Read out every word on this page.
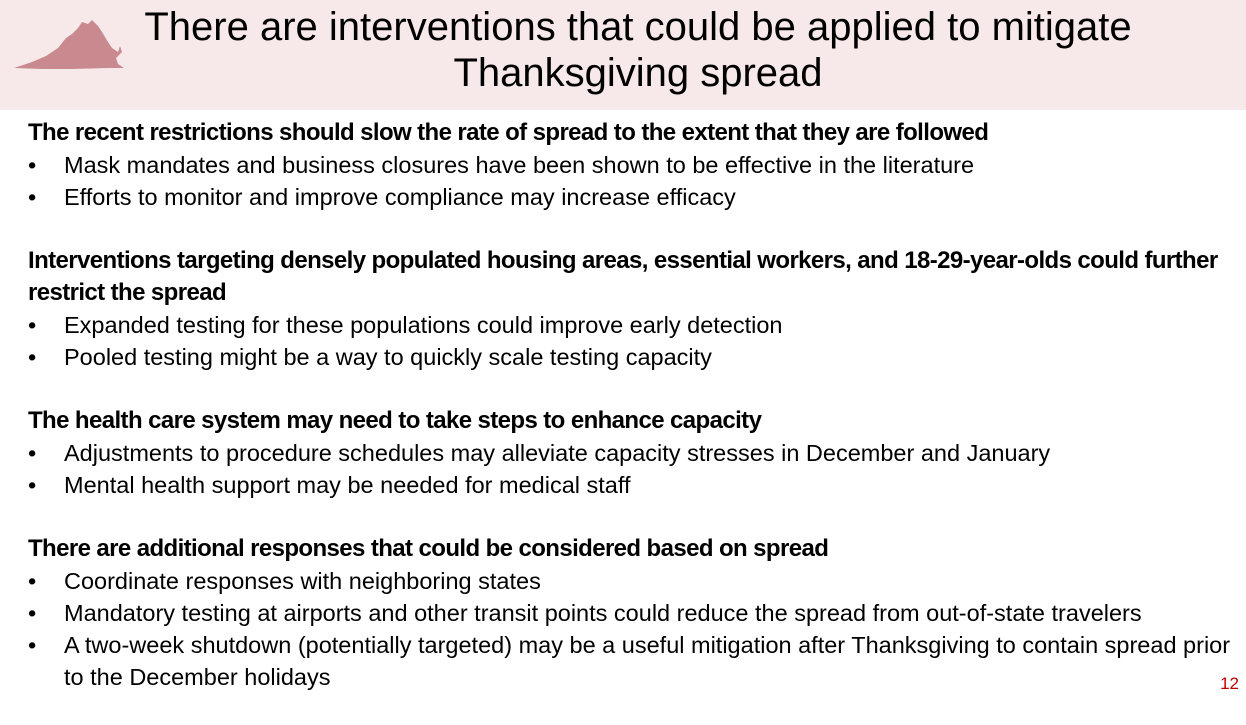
There are interventions that could be applied to mitigate Thanksgiving spread

The recent restrictions should slow the rate of spread to the extent that they are followed

• Mask mandates and business closures have been shown to be effective in the literature
• Efforts to monitor and improve compliance may increase efficacy

Interventions targeting densely populated housing areas, essential workers, and 18-29-year-olds could further restrict the spread

• Expanded testing for these populations could improve early detection
• Pooled testing might be a way to quickly scale testing capacity

The health care system may need to take steps to enhance capacity

• Adjustments to procedure schedules may alleviate capacity stresses in December and January
• Mental health support may be needed for medical staff

There are additional responses that could be considered based on spread

• Coordinate responses with neighboring states
• Mandatory testing at airports and other transit points could reduce the spread from out-of-state travelers
• A two-week shutdown (potentially targeted) may be a useful mitigation after Thanksgiving to contain spread prior to the December holidays	12
